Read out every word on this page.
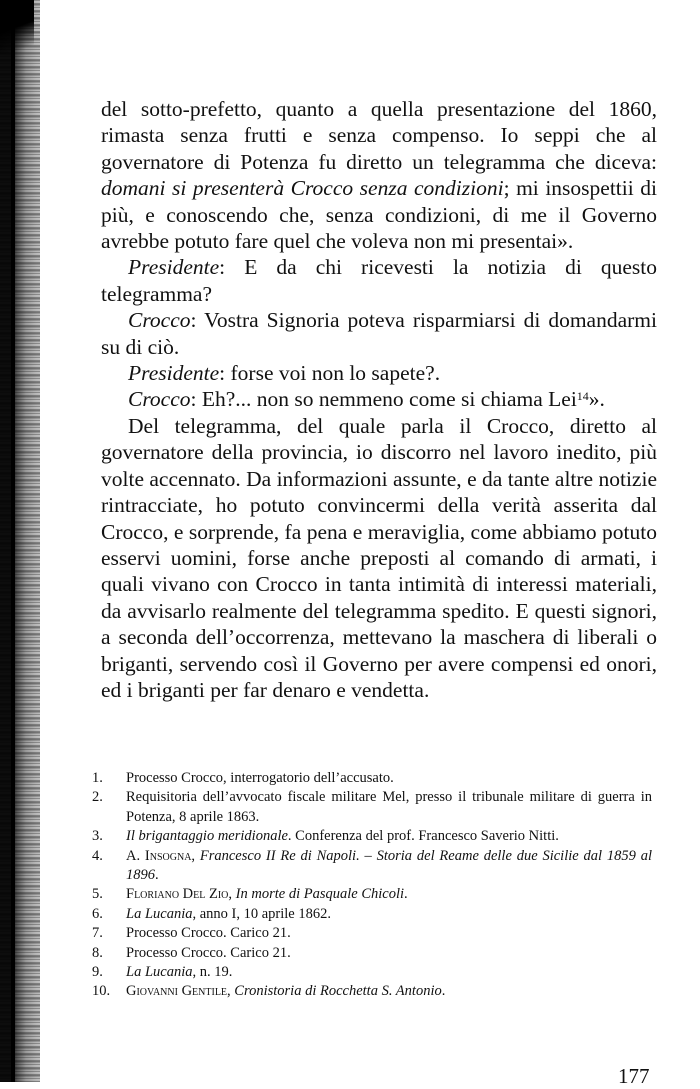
del sotto-prefetto, quanto a quella presentazione del 1860, rimasta senza frutti e senza compenso. Io seppi che al governatore di Potenza fu diretto un telegramma che diceva: domani si presenterà Crocco senza condizioni; mi insospettii di più, e conoscendo che, senza condizioni, di me il Governo avrebbe potuto fare quel che voleva non mi presentai».

Presidente: E da chi ricevesti la notizia di questo telegramma?

Crocco: Vostra Signoria poteva risparmiarsi di domandarmi su di ciò.

Presidente: forse voi non lo sapete?.

Crocco: Eh?... non so nemmeno come si chiama Lei$^{14}$».

Del telegramma, del quale parla il Crocco, diretto al governatore della provincia, io discorro nel lavoro inedito, più volte accennato. Da informazioni assunte, e da tante altre notizie rintracciate, ho potuto convincermi della verità asserita dal Crocco, e sorprende, fa pena e meraviglia, come abbiamo potuto esservi uomini, forse anche preposti al comando di armati, i quali vivano con Crocco in tanta intimità di interessi materiali, da avvisarlo realmente del telegramma spedito. E questi signori, a seconda dell’occorrenza, mettevano la maschera di liberali o briganti, servendo così il Governo per avere compensi ed onori, ed i briganti per far denaro e vendetta.

1.	Processo Crocco, interrogatorio dell’accusato.

2.	Requisitoria dell’avvocato fiscale militare Mel, presso il tribunale militare di guerra in Potenza, 8 aprile 1863.

3.	Il brigantaggio meridionale. Conferenza del prof. Francesco Saverio Nitti.

4.	A. Insogna, Francesco II Re di Napoli. – Storia del Reame delle due Sicilie dal 1859 al 1896.

5.	Floriano Del Zio, In morte di Pasquale Chicoli.

6.	La Lucania, anno I, 10 aprile 1862.

7.	Processo Crocco. Carico 21.

8.	Processo Crocco. Carico 21.

9.	La Lucania, n. 19.

10.	Giovanni Gentile, Cronistoria di Rocchetta S. Antonio.

177
